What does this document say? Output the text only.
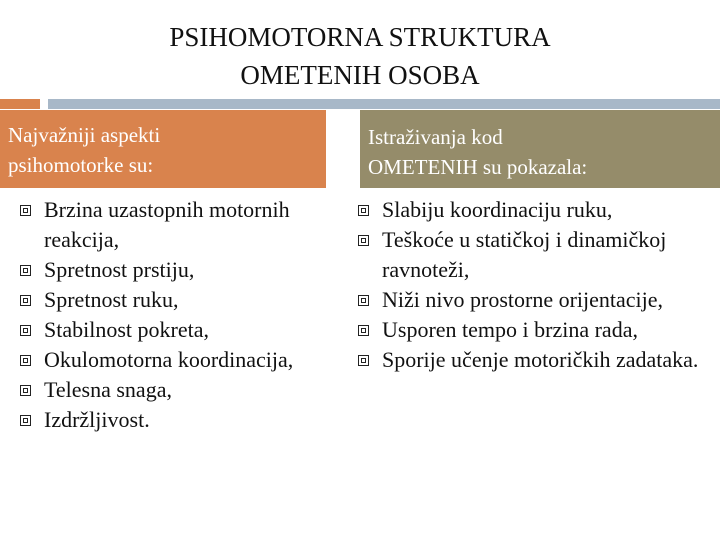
PSIHOMOTORNA STRUKTURA
OMETENIH OSOBA
Najvažniji aspekti
psihomotorke su:
Istraživanja kod
OMETENIH su pokazala:
Brzina uzastopnih motornih reakcija,
Spretnost prstiju,
Spretnost ruku,
Stabilnost pokreta,
Okulomotorna koordinacija,
Telesna snaga,
Izdržljivost.
Slabiju koordinaciju ruku,
Teškoće u statičkoj i dinamičkoj ravnoteži,
Niži nivo prostorne orijentacije,
Usporen tempo i brzina rada,
Sporije učenje motoričkih zadataka.
